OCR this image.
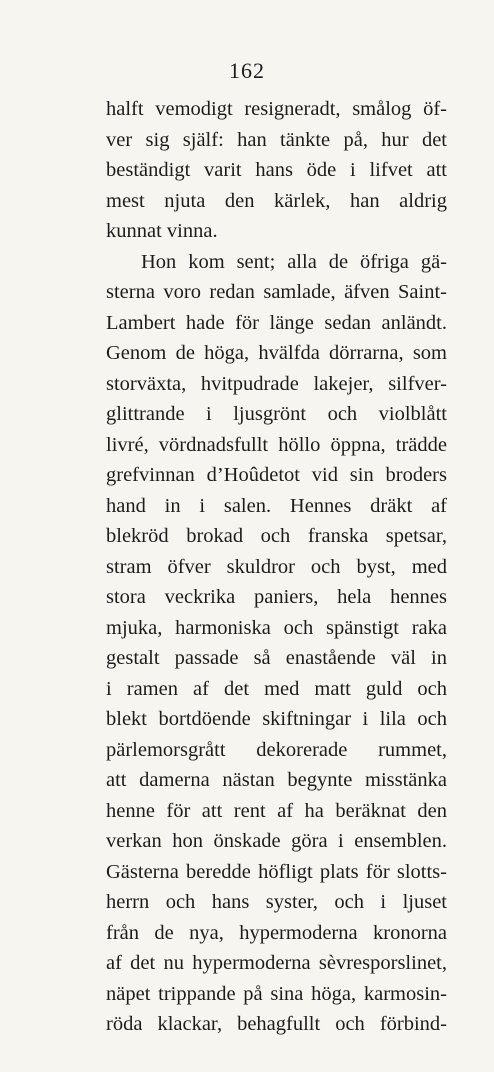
162
halft vemodigt resigneradt, smålog öf-
ver sig själf: han tänkte på, hur det
beständigt varit hans öde i lifvet att
mest njuta den kärlek, han aldrig
kunnat vinna.
Hon kom sent; alla de öfriga gä-
sterna voro redan samlade, äfven Saint-
Lambert hade för länge sedan anländt.
Genom de höga, hvälfda dörrarna, som
storväxta, hvitpudrade lakejer, silfver-
glittrande i ljusgrönt och violblått
livré, vördnadsfullt höllo öppna, trädde
grefvinnan d’Hoûdetot vid sin broders
hand in i salen. Hennes dräkt af
blekröd brokad och franska spetsar,
stram öfver skuldror och byst, med
stora veckrika paniers, hela hennes
mjuka, harmoniska och spänstigt raka
gestalt passade så enastående väl in
i ramen af det med matt guld och
blekt bortdöende skiftningar i lila och
pärlemorsgrått dekorerade rummet,
att damerna nästan begynte misstänka
henne för att rent af ha beräknat den
verkan hon önskade göra i ensemblen.
Gästerna beredde höfligt plats för slotts-
herrn och hans syster, och i ljuset
från de nya, hypermoderna kronorna
af det nu hypermoderna sèvresporslinet,
näpet trippande på sina höga, karmosin-
röda klackar, behagfullt och förbind-
